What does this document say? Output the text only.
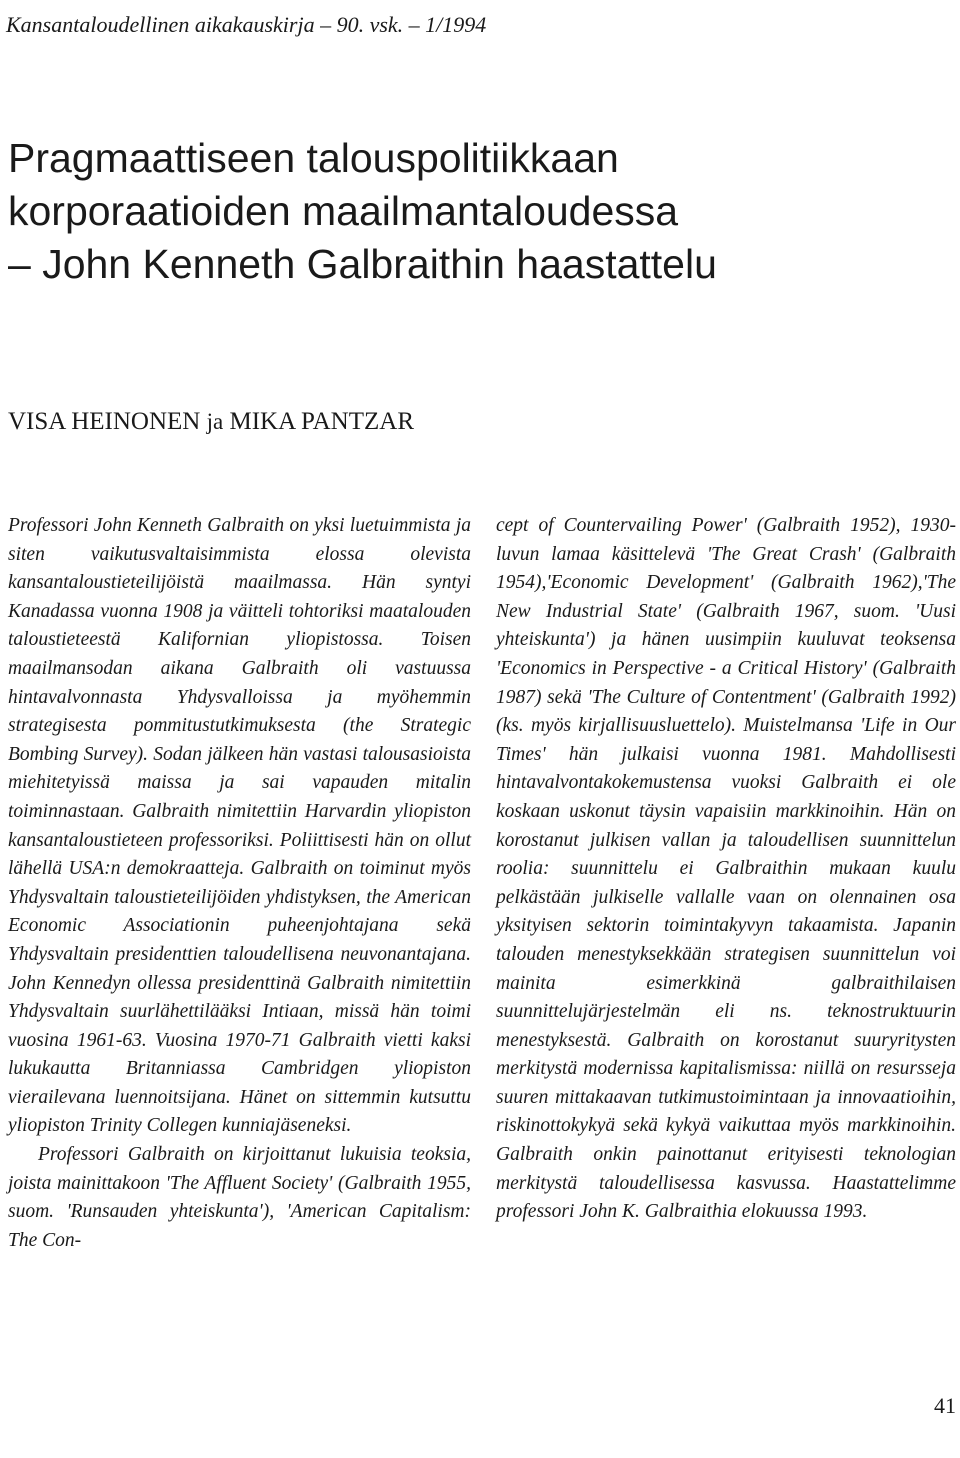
Kansantaloudellinen aikakauskirja – 90. vsk. – 1/1994
Pragmaattiseen talouspolitiikkaan
korporaatioiden maailmantaloudessa
– John Kenneth Galbraithin haastattelu
VISA HEINONEN ja MIKA PANTZAR

Professori John Kenneth Galbraith on yksi luetuimmista ja siten vaikutusvaltaisimmista elossa olevista kansantaloustieteilijöistä maailmassa. Hän syntyi Kanadassa vuonna 1908 ja väitteli tohtoriksi maatalouden taloustieteestä Kalifornian yliopistossa. Toisen maailmansodan aikana Galbraith oli vastuussa hintavalvonnasta Yhdysvalloissa ja myöhemmin strategisesta pommitustutkimuksesta (the Strategic Bombing Survey). Sodan jälkeen hän vastasi talousasioista miehitetyissä maissa ja sai vapauden mitalin toiminnastaan. Galbraith nimitettiin Harvardin yliopiston kansantaloustieteen professoriksi. Poliittisesti hän on ollut lähellä USA:n demokraatteja. Galbraith on toiminut myös Yhdysvaltain taloustieteilijöiden yhdistyksen, the American Economic Associationin puheenjohtajana sekä Yhdysvaltain presidenttien taloudellisena neuvonantajana. John Kennedyn ollessa presidenttinä Galbraith nimitettiin Yhdysvaltain suurlähettilääksi Intiaan, missä hän toimi vuosina 1961-63. Vuosina 1970-71 Galbraith vietti kaksi lukukautta Britanniassa Cambridgen yliopiston vierailevana luennoitsijana. Hänet on sittemmin kutsuttu yliopiston Trinity Collegen kunniajäseneksi.

Professori Galbraith on kirjoittanut lukuisia teoksia, joista mainittakoon 'The Affluent Society' (Galbraith 1955, suom. 'Runsauden yhteiskunta'), 'American Capitalism: The Con-

cept of Countervailing Power' (Galbraith 1952), 1930-luvun lamaa käsittelevä 'The Great Crash' (Galbraith 1954),'Economic Development' (Galbraith 1962),'The New Industrial State' (Galbraith 1967, suom. 'Uusi yhteiskunta') ja hänen uusimpiin kuuluvat teoksensa 'Economics in Perspective - a Critical History' (Galbraith 1987) sekä 'The Culture of Contentment' (Galbraith 1992) (ks. myös kirjallisuusluettelo). Muistelmansa 'Life in Our Times' hän julkaisi vuonna 1981. Mahdollisesti hintavalvontakokemustensa vuoksi Galbraith ei ole koskaan uskonut täysin vapaisiin markkinoihin. Hän on korostanut julkisen vallan ja taloudellisen suunnittelun roolia: suunnittelu ei Galbraithin mukaan kuulu pelkästään julkiselle vallalle vaan on olennainen osa yksityisen sektorin toimintakyvyn takaamista. Japanin talouden menestyksekkään strategisen suunnittelun voi mainita esimerkkinä galbraithilaisen suunnittelujärjestelmän eli ns. teknostruktuurin menestyksestä. Galbraith on korostanut suuryritysten merkitystä modernissa kapitalismissa: niillä on resursseja suuren mittakaavan tutkimustoimintaan ja innovaatioihin, riskinottokykyä sekä kykyä vaikuttaa myös markkinoihin. Galbraith onkin painottanut erityisesti teknologian merkitystä taloudellisessa kasvussa. Haastattelimme professori John K. Galbraithia elokuussa 1993.

41
